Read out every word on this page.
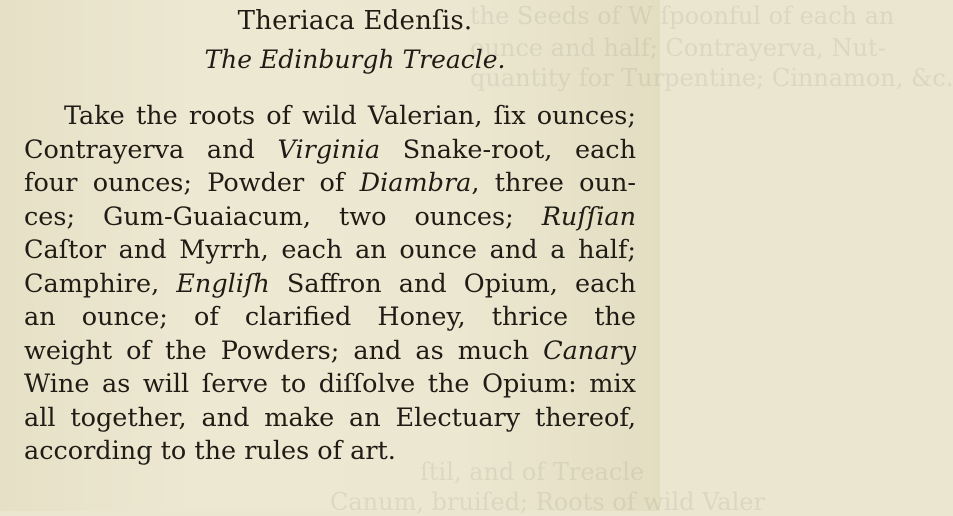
the Seeds of W ſpoonful of each an
ounce and half; Contrayerva, Nut-
quantity for Turpentine; Cinnamon, &c.
ſtil, and of Treacle
Canum, bruiſed; Roots of wild Valer
Theriaca Edenſis.
The Edinburgh Treacle.
Take the roots of wild Valerian, ſix ounces;
Contrayerva and Virginia Snake-root, each
four ounces; Powder of Diambra, three oun-
ces; Gum-Guaiacum, two ounces; Ruſſian
Caſtor and Myrrh, each an ounce and a half;
Camphire, Engliſh Saffron and Opium, each
an ounce; of clarified Honey, thrice the
weight of the Powders; and as much Canary
Wine as will ſerve to diſſolve the Opium: mix
all together, and make an Electuary thereof,
according to the rules of art.
